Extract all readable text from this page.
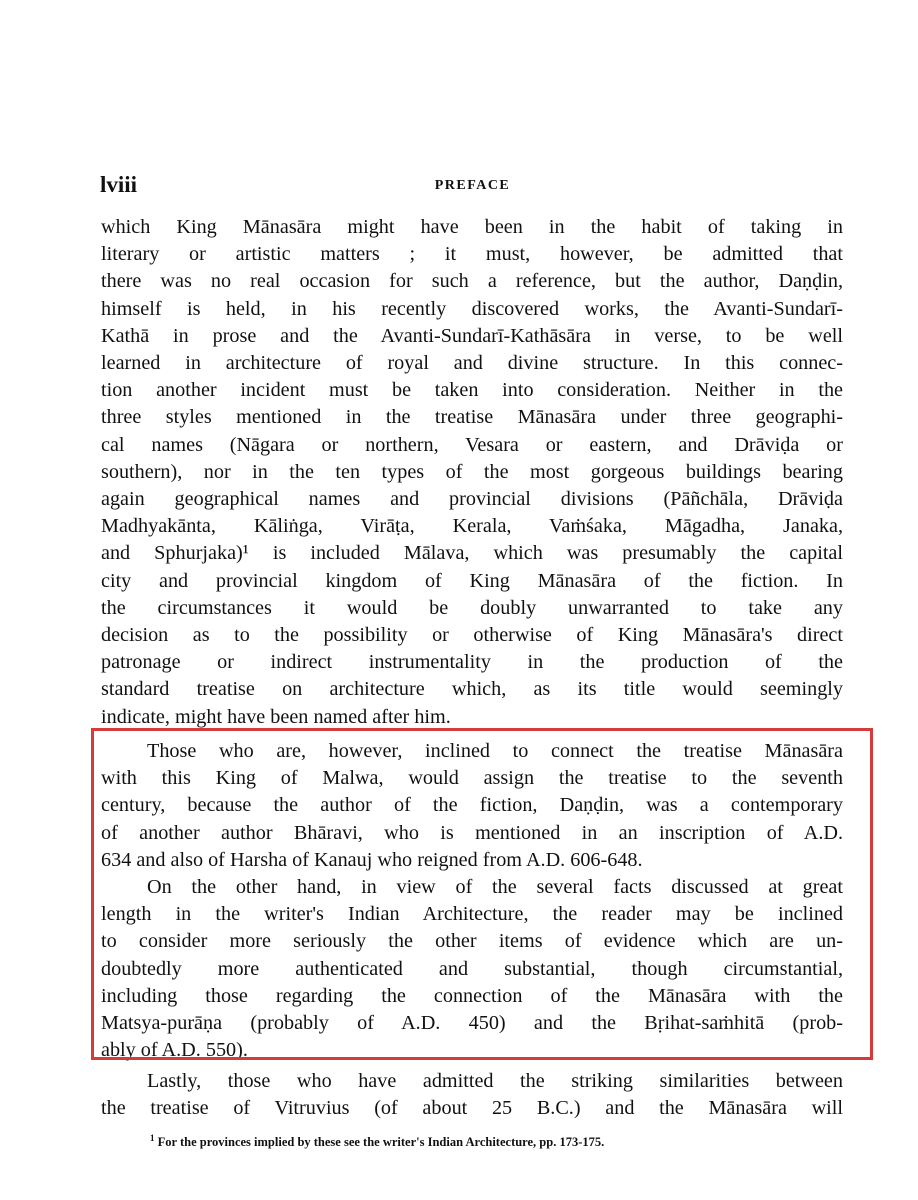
lviii	PREFACE
which King Mānasāra might have been in the habit of taking in
literary or artistic matters ; it must, however, be admitted that
there was no real occasion for such a reference, but the author, Daṇḍin,
himself is held, in his recently discovered works, the Avanti-Sundarī-
Kathā in prose and the Avanti-Sundarī-Kathāsāra in verse, to be well
learned in architecture of royal and divine structure. In this connec-
tion another incident must be taken into consideration. Neither in the
three styles mentioned in the treatise Mānasāra under three geographi-
cal names (Nāgara or northern, Vesara or eastern, and Drāviḍa or
southern), nor in the ten types of the most gorgeous buildings bearing
again geographical names and provincial divisions (Pāñchāla, Drāviḍa
Madhyakānta, Kāliṅga, Virāṭa, Kerala, Vaṁśaka, Māgadha, Janaka,
and Sphurjaka)¹ is included Mālava, which was presumably the capital
city and provincial kingdom of King Mānasāra of the fiction. In
the circumstances it would be doubly unwarranted to take any
decision as to the possibility or otherwise of King Mānasāra's direct
patronage or indirect instrumentality in the production of the
standard treatise on architecture which, as its title would seemingly
indicate, might have been named after him.
Those who are, however, inclined to connect the treatise Mānasāra
with this King of Malwa, would assign the treatise to the seventh
century, because the author of the fiction, Daṇḍin, was a contemporary
of another author Bhāravi, who is mentioned in an inscription of A.D.
634 and also of Harsha of Kanauj who reigned from A.D. 606-648.
On the other hand, in view of the several facts discussed at great
length in the writer's Indian Architecture, the reader may be inclined
to consider more seriously the other items of evidence which are un-
doubtedly more authenticated and substantial, though circumstantial,
including those regarding the connection of the Mānasāra with the
Matsya-purāṇa (probably of A.D. 450) and the Bṛihat-saṁhitā (prob-
ably of A.D. 550).
Lastly, those who have admitted the striking similarities between
the treatise of Vitruvius (of about 25 B.C.) and the Mānasāra will
$^1$ For the provinces implied by these see the writer's Indian Architecture, pp. 173-175.
